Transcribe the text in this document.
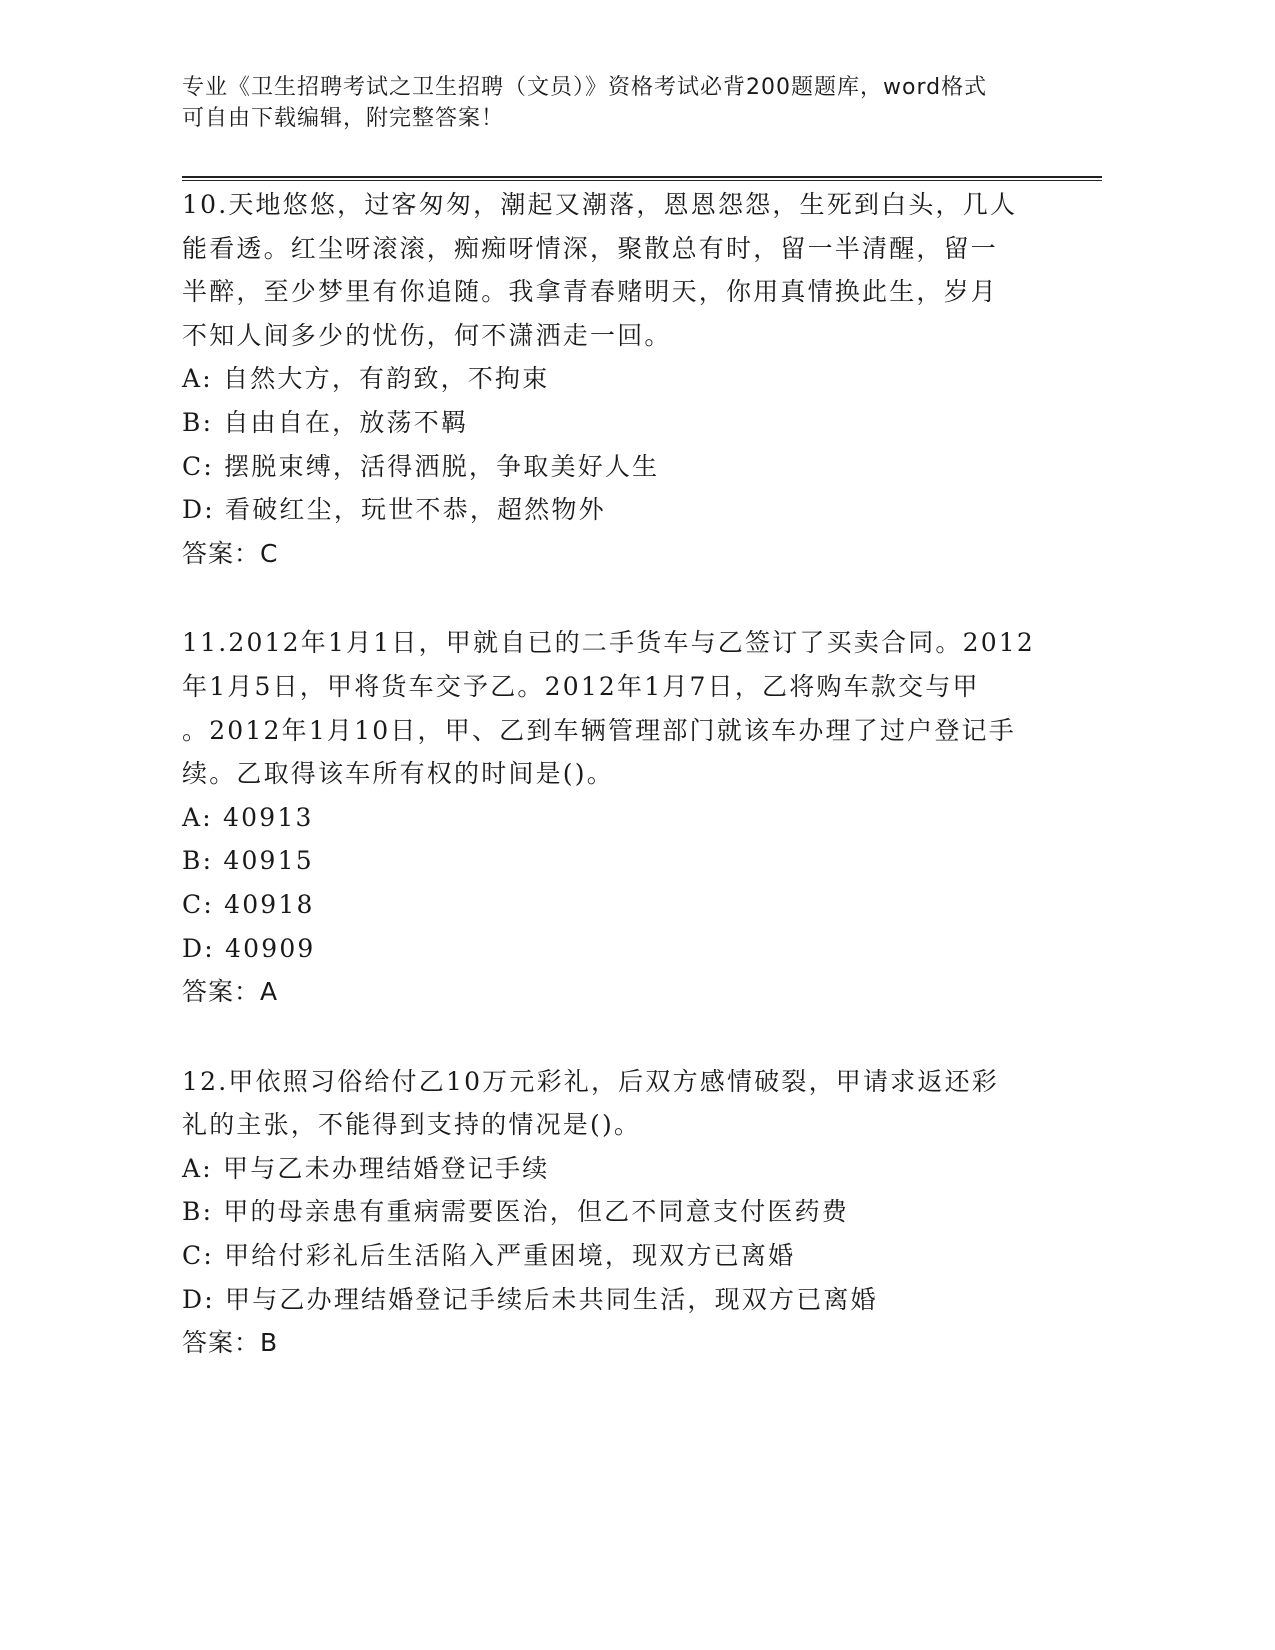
专业《卫生招聘考试之卫生招聘（文员）》资格考试必背200题题库，word格式
可自由下载编辑，附完整答案！
10.天地悠悠，过客匆匆，潮起又潮落，恩恩怨怨，生死到白头，几人
能看透。红尘呀滚滚，痴痴呀情深，聚散总有时，留一半清醒，留一
半醉，至少梦里有你追随。我拿青春赌明天，你用真情换此生，岁月
不知人间多少的忧伤，何不潇洒走一回。
A: 自然大方，有韵致，不拘束
B: 自由自在，放荡不羁
C: 摆脱束缚，活得洒脱，争取美好人生
D: 看破红尘，玩世不恭，超然物外
答案：C
11.2012年1月1日，甲就自已的二手货车与乙签订了买卖合同。2012
年1月5日，甲将货车交予乙。2012年1月7日，乙将购车款交与甲
。2012年1月10日，甲、乙到车辆管理部门就该车办理了过户登记手
续。乙取得该车所有权的时间是()。
A: 40913
B: 40915
C: 40918
D: 40909
答案：A
12.甲依照习俗给付乙10万元彩礼，后双方感情破裂，甲请求返还彩
礼的主张，不能得到支持的情况是()。
A: 甲与乙未办理结婚登记手续
B: 甲的母亲患有重病需要医治，但乙不同意支付医药费
C: 甲给付彩礼后生活陷入严重困境，现双方已离婚
D: 甲与乙办理结婚登记手续后未共同生活，现双方已离婚
答案：B
